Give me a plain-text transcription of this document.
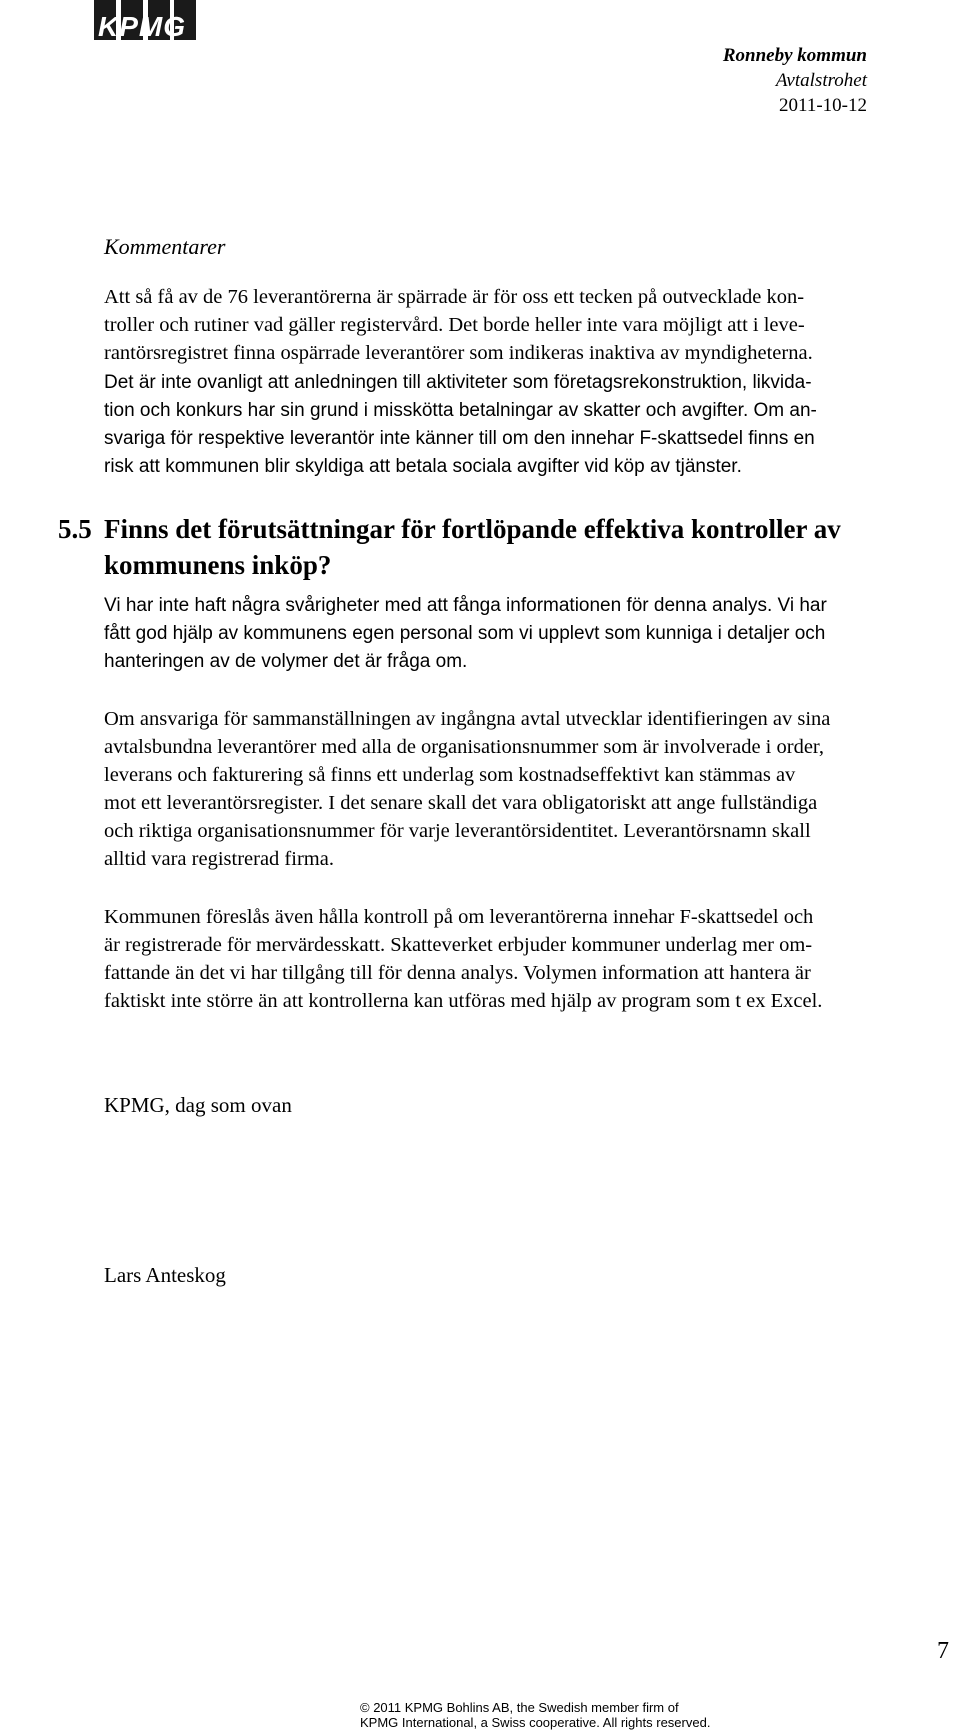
KPMG
Ronneby kommun
Avtalstrohet
2011-10-12
Kommentarer
Att så få av de 76 leverantörerna är spärrade är för oss ett tecken på outvecklade kon-
troller och rutiner vad gäller registervård. Det borde heller inte vara möjligt att i leve-
rantörsregistret finna ospärrade leverantörer som indikeras inaktiva av myndigheterna.
Det är inte ovanligt att anledningen till aktiviteter som företagsrekonstruktion, likvida-
tion och konkurs har sin grund i misskötta betalningar av skatter och avgifter. Om an-
svariga för respektive leverantör inte känner till om den innehar F-skattsedel finns en
risk att kommunen blir skyldiga att betala sociala avgifter vid köp av tjänster.
5.5 Finns det förutsättningar för fortlöpande effektiva kontroller av kommunens inköp?
Vi har inte haft några svårigheter med att fånga informationen för denna analys. Vi har
fått god hjälp av kommunens egen personal som vi upplevt som kunniga i detaljer och
hanteringen av de volymer det är fråga om.
Om ansvariga för sammanställningen av ingångna avtal utvecklar identifieringen av sina
avtalsbundna leverantörer med alla de organisationsnummer som är involverade i order,
leverans och fakturering så finns ett underlag som kostnadseffektivt kan stämmas av
mot ett leverantörsregister. I det senare skall det vara obligatoriskt att ange fullständiga
och riktiga organisationsnummer för varje leverantörsidentitet. Leverantörsnamn skall
alltid vara registrerad firma.
Kommunen föreslås även hålla kontroll på om leverantörerna innehar F-skattsedel och
är registrerade för mervärdesskatt. Skatteverket erbjuder kommuner underlag mer om-
fattande än det vi har tillgång till för denna analys. Volymen information att hantera är
faktiskt inte större än att kontrollerna kan utföras med hjälp av program som t ex Excel.
KPMG, dag som ovan
Lars Anteskog
7
© 2011 KPMG Bohlins AB, the Swedish member firm of
KPMG International, a Swiss cooperative. All rights reserved.
